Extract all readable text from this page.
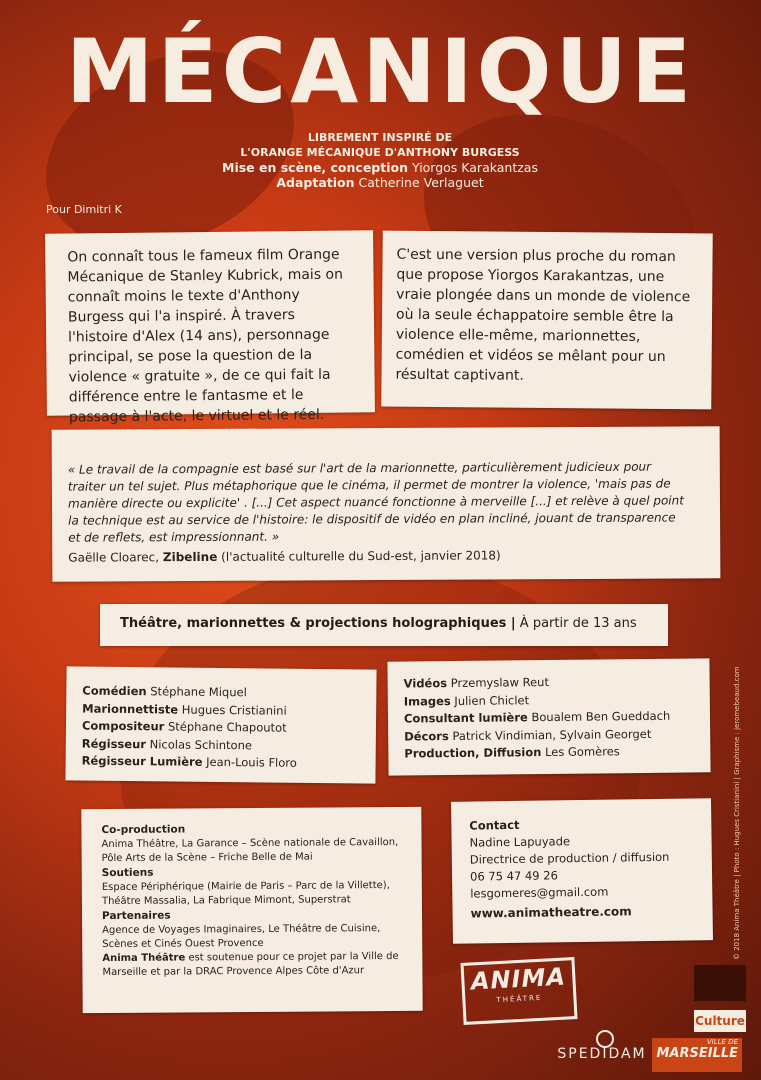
MÉCANIQUE
LIBREMENT INSPIRÉ DE
L'ORANGE MÉCANIQUE D'ANTHONY BURGESS
Mise en scène, conception Yiorgos Karakantzas
Adaptation Catherine Verlaguet
Pour Dimitri K
On connaît tous le fameux film Orange Mécanique de Stanley Kubrick, mais on connaît moins le texte d'Anthony Burgess qui l'a inspiré. À travers l'histoire d'Alex (14 ans), personnage principal, se pose la question de la violence « gratuite », de ce qui fait la différence entre le fantasme et le passage à l'acte, le virtuel et le réel.
C'est une version plus proche du roman que propose Yiorgos Karakantzas, une vraie plongée dans un monde de violence où la seule échappatoire semble être la violence elle-même, marionnettes, comédien et vidéos se mêlant pour un résultat captivant.
« Le travail de la compagnie est basé sur l'art de la marionnette, particulièrement judicieux pour traiter un tel sujet. Plus métaphorique que le cinéma, il permet de montrer la violence, 'mais pas de manière directe ou explicite' . [...] Cet aspect nuancé fonctionne à merveille [...] et relève à quel point la technique est au service de l'histoire: le dispositif de vidéo en plan incliné, jouant de transparence et de reflets, est impressionnant. »
Gaëlle Cloarec, Zibeline (l'actualité culturelle du Sud-est, janvier 2018)
Théâtre, marionnettes & projections holographiques | À partir de 13 ans
Comédien Stéphane Miquel
Marionnettiste Hugues Cristianini
Compositeur Stéphane Chapoutot
Régisseur Nicolas Schintone
Régisseur Lumière Jean-Louis Floro
Vidéos Przemyslaw Reut
Images Julien Chiclet
Consultant lumière Boualem Ben Gueddach
Décors Patrick Vindimian, Sylvain Georget
Production, Diffusion Les Gomères
Co-production
Anima Théâtre, La Garance – Scène nationale de Cavaillon, Pôle Arts de la Scène – Friche Belle de Mai
Soutiens
Espace Périphérique (Mairie de Paris – Parc de la Villette), Théâtre Massalia, La Fabrique Mimont, Superstrat
Partenaires
Agence de Voyages Imaginaires, Le Théâtre de Cuisine, Scènes et Cinés Ouest Provence
Anima Théâtre est soutenue pour ce projet par la Ville de Marseille et par la DRAC Provence Alpes Côte d'Azur
Contact
Nadine Lapuyade
Directrice de production / diffusion
06 75 47 49 26
lesgomeres@gmail.com
www.animatheatre.com
ANIMA
THÉÂTRE
SPEDIDAM
VILLE DE
MARSEILLE
Culture
© 2018 Anima Théâtre | Photo : Hugues Cristianini | Graphisme : jeromebeaud.com
